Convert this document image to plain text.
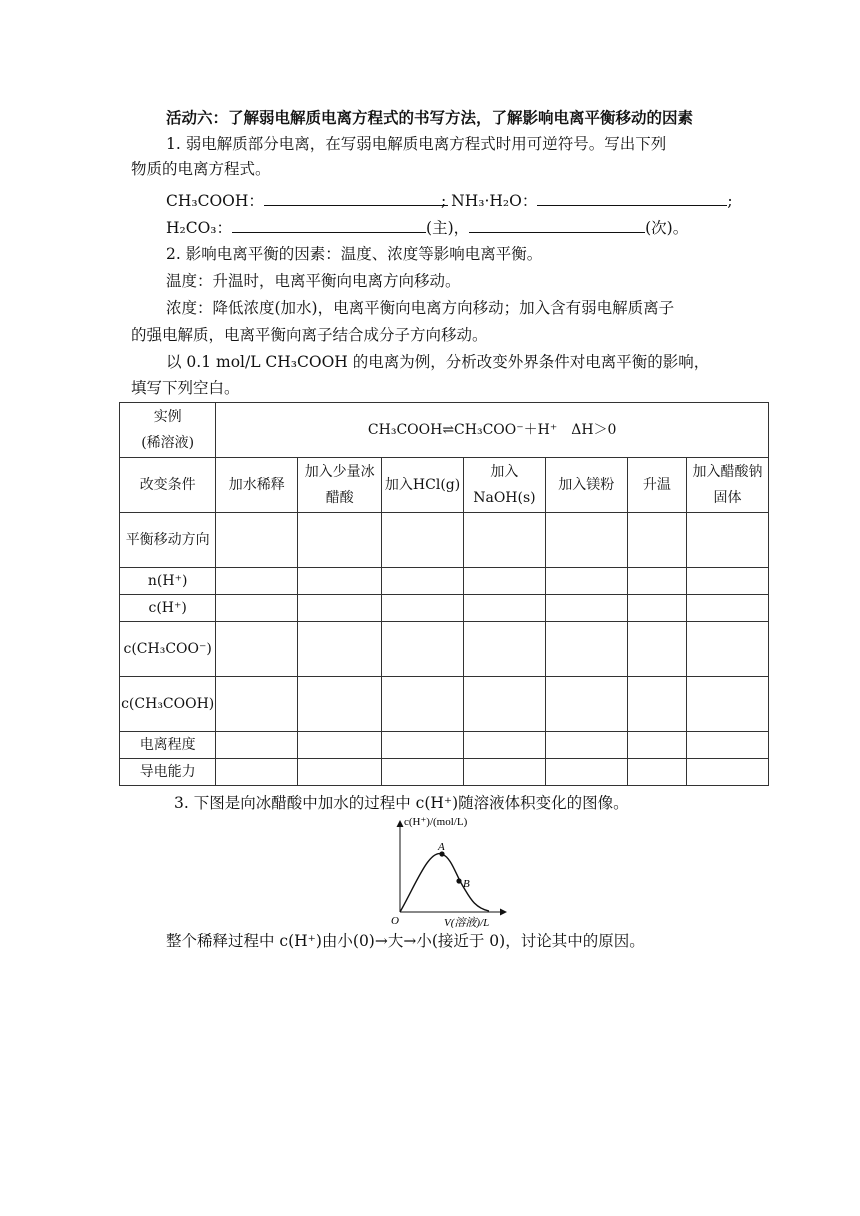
活动六：了解弱电解质电离方程式的书写方法，了解影响电离平衡移动的因素
1. 弱电解质部分电离，在写弱电解质电离方程式时用可逆符号。写出下列
物质的电离方程式。
CH₃COOH：	; NH₃·H₂O：	;
H₂CO₃：	(主)，	(次)。
2. 影响电离平衡的因素：温度、浓度等影响电离平衡。
温度：升温时，电离平衡向电离方向移动。
浓度：降低浓度(加水)，电离平衡向电离方向移动；加入含有弱电解质离子
的强电解质，电离平衡向离子结合成分子方向移动。
以 0.1 mol/L CH₃COOH 的电离为例，分析改变外界条件对电离平衡的影响，
填写下列空白。
实例
(稀溶液)	CH₃COOH⇌CH₃COO⁻＋H⁺　ΔH＞0						
改变条件	加水稀释	加入少量冰醋酸	加入HCl(g)	加入NaOH(s)	加入镁粉	升温	加入醋酸钠固体
平衡移动方向							
n(H⁺)							
c(H⁺)							
c(CH₃COO⁻)							
c(CH₃COOH)							
电离程度							
导电能力							
3. 下图是向冰醋酸中加水的过程中 c(H⁺)随溶液体积变化的图像。
c(H⁺)/(mol/L)
V(溶液)/L
O
A
B
整个稀释过程中 c(H⁺)由小(0)→大→小(接近于 0)，讨论其中的原因。
